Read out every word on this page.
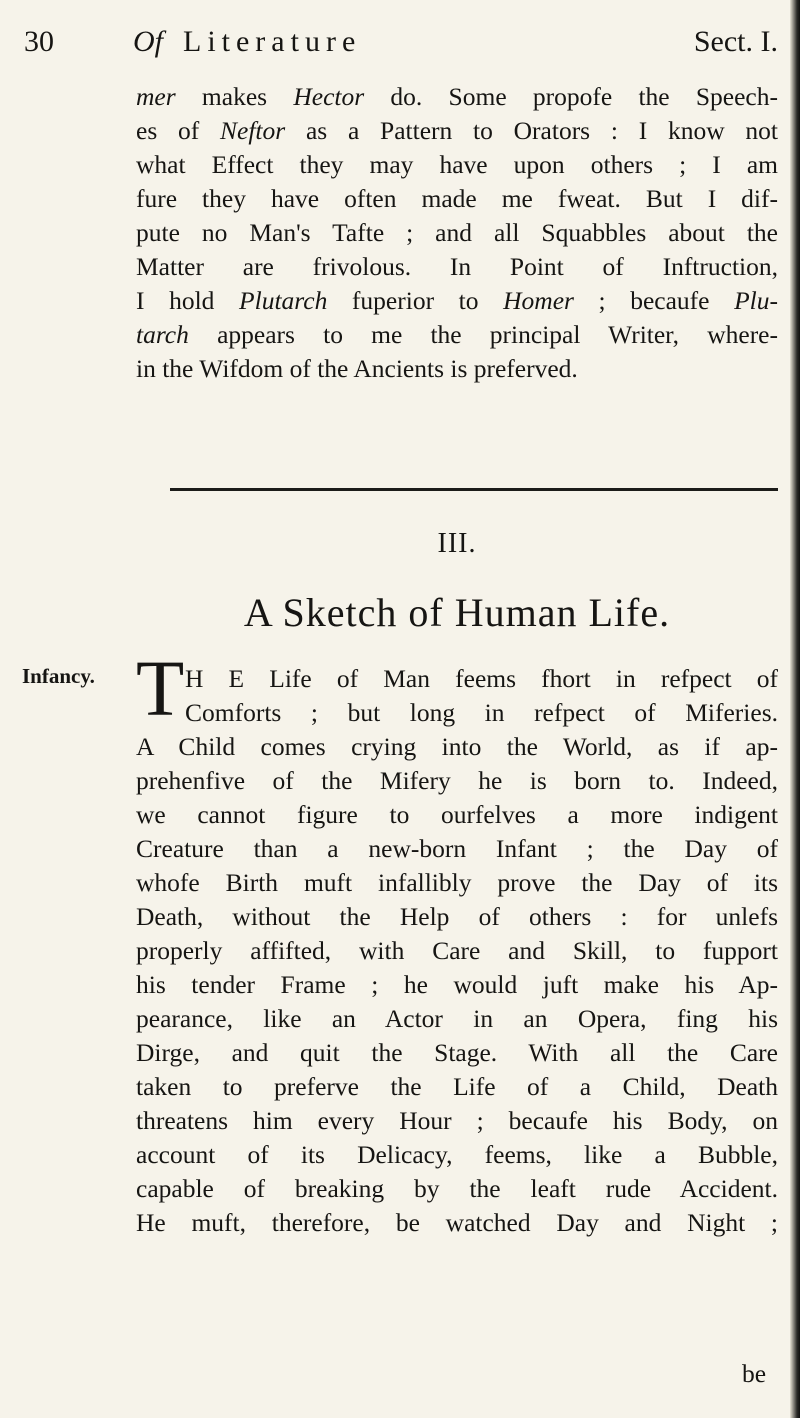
30	Of Literature	Sect. I.
mer makes Hector do. Some propofe the Speech-
es of Neftor as a Pattern to Orators : I know not
what Effect they may have upon others ; I am
fure they have often made me fweat. But I dif-
pute no Man's Tafte ; and all Squabbles about the
Matter are frivolous. In Point of Inftruction,
I hold Plutarch fuperior to Homer ; becaufe Plu-
tarch appears to me the principal Writer, where-
in the Wifdom of the Ancients is preferved.
III.
A Sketch of Human Life.
Infancy. T H E Life of Man feems fhort in refpect of
Comforts ; but long in refpect of Miferies.
A Child comes crying into the World, as if ap-
prehenfive of the Mifery he is born to. Indeed,
we cannot figure to ourfelves a more indigent
Creature than a new-born Infant ; the Day of
whofe Birth muft infallibly prove the Day of its
Death, without the Help of others : for unlefs
properly affifted, with Care and Skill, to fupport
his tender Frame ; he would juft make his Ap-
pearance, like an Actor in an Opera, fing his
Dirge, and quit the Stage. With all the Care
taken to preferve the Life of a Child, Death
threatens him every Hour ; becaufe his Body, on
account of its Delicacy, feems, like a Bubble,
capable of breaking by the leaft rude Accident.
He muft, therefore, be watched Day and Night ;
be
